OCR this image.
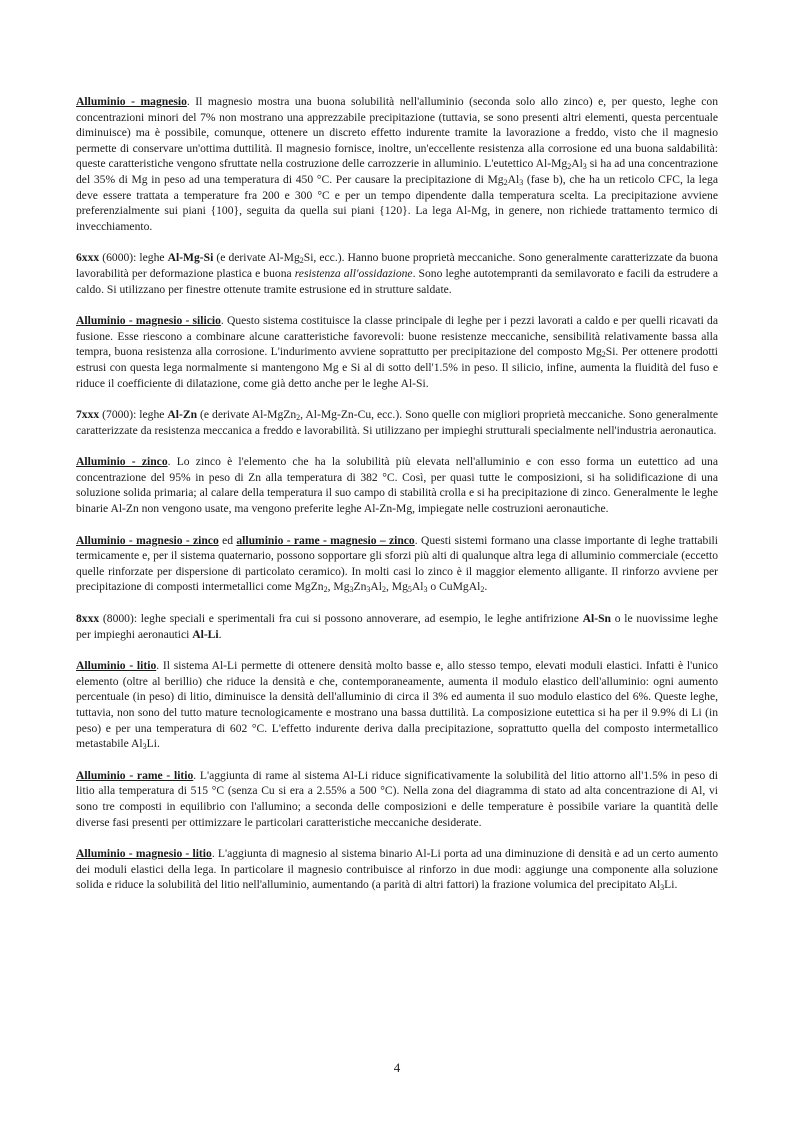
Alluminio - magnesio. Il magnesio mostra una buona solubilità nell'alluminio (seconda solo allo zinco) e, per questo, leghe con concentrazioni minori del 7% non mostrano una apprezzabile precipitazione (tuttavia, se sono presenti altri elementi, questa percentuale diminuisce) ma è possibile, comunque, ottenere un discreto effetto indurente tramite la lavorazione a freddo, visto che il magnesio permette di conservare un'ottima duttilità. Il magnesio fornisce, inoltre, un'eccellente resistenza alla corrosione ed una buona saldabilità: queste caratteristiche vengono sfruttate nella costruzione delle carrozzerie in alluminio. L'eutettico $Al-Mg_2Al_3$ si ha ad una concentrazione del 35% di Mg in peso ad una temperatura di 450 °C. Per causare la precipitazione di $Mg_2Al_3$ (fase b), che ha un reticolo CFC, la lega deve essere trattata a temperature fra 200 e 300 °C e per un tempo dipendente dalla temperatura scelta. La precipitazione avviene preferenzialmente sui piani {100}, seguita da quella sui piani {120}. La lega Al-Mg, in genere, non richiede trattamento termico di invecchiamento.

6xxx (6000): leghe Al-Mg-Si (e derivate $Al-Mg_2Si$, ecc.). Hanno buone proprietà meccaniche. Sono generalmente caratterizzate da buona lavorabilità per deformazione plastica e buona resistenza all'ossidazione. Sono leghe autotempranti da semilavorato e facili da estrudere a caldo. Si utilizzano per finestre ottenute tramite estrusione ed in strutture saldate.

Alluminio - magnesio - silicio. Questo sistema costituisce la classe principale di leghe per i pezzi lavorati a caldo e per quelli ricavati da fusione. Esse riescono a combinare alcune caratteristiche favorevoli: buone resistenze meccaniche, sensibilità relativamente bassa alla tempra, buona resistenza alla corrosione. L'indurimento avviene soprattutto per precipitazione del composto $Mg_2Si$. Per ottenere prodotti estrusi con questa lega normalmente si mantengono Mg e Si al di sotto dell'1.5% in peso. Il silicio, infine, aumenta la fluidità del fuso e riduce il coefficiente di dilatazione, come già detto anche per le leghe Al-Si.

7xxx (7000): leghe Al-Zn (e derivate Al-MgZn$_2$, Al-Mg-Zn-Cu, ecc.). Sono quelle con migliori proprietà meccaniche. Sono generalmente caratterizzate da resistenza meccanica a freddo e lavorabilità. Si utilizzano per impieghi strutturali specialmente nell'industria aeronautica.

Alluminio - zinco. Lo zinco è l'elemento che ha la solubilità più elevata nell'alluminio e con esso forma un eutettico ad una concentrazione del 95% in peso di Zn alla temperatura di 382 °C. Così, per quasi tutte le composizioni, si ha solidificazione di una soluzione solida primaria; al calare della temperatura il suo campo di stabilità crolla e si ha precipitazione di zinco. Generalmente le leghe binarie Al-Zn non vengono usate, ma vengono preferite leghe Al-Zn-Mg, impiegate nelle costruzioni aeronautiche.

Alluminio - magnesio - zinco ed alluminio - rame - magnesio – zinco. Questi sistemi formano una classe importante di leghe trattabili termicamente e, per il sistema quaternario, possono sopportare gli sforzi più alti di qualunque altra lega di alluminio commerciale (eccetto quelle rinforzate per dispersione di particolato ceramico). In molti casi lo zinco è il maggior elemento alligante. Il rinforzo avviene per precipitazione di composti intermetallici come MgZn$_2$, $Mg_3Zn_3Al_2$, $Mg_5Al_3$ o CuMgAl$_2$.

8xxx (8000): leghe speciali e sperimentali fra cui si possono annoverare, ad esempio, le leghe antifrizione Al-Sn o le nuovissime leghe per impieghi aeronautici Al-Li.

Alluminio - litio. Il sistema Al-Li permette di ottenere densità molto basse e, allo stesso tempo, elevati moduli elastici. Infatti è l'unico elemento (oltre al berillio) che riduce la densità e che, contemporaneamente, aumenta il modulo elastico dell'alluminio: ogni aumento percentuale (in peso) di litio, diminuisce la densità dell'alluminio di circa il 3% ed aumenta il suo modulo elastico del 6%. Queste leghe, tuttavia, non sono del tutto mature tecnologicamente e mostrano una bassa duttilità. La composizione eutettica si ha per il 9.9% di Li (in peso) e per una temperatura di 602 °C. L'effetto indurente deriva dalla precipitazione, soprattutto quella del composto intermetallico metastabile $Al_3Li$.

Alluminio - rame - litio. L'aggiunta di rame al sistema Al-Li riduce significativamente la solubilità del litio attorno all'1.5% in peso di litio alla temperatura di 515 °C (senza Cu si era a 2.55% a 500 °C). Nella zona del diagramma di stato ad alta concentrazione di Al, vi sono tre composti in equilibrio con l'allumino; a seconda delle composizioni e delle temperature è possibile variare la quantità delle diverse fasi presenti per ottimizzare le particolari caratteristiche meccaniche desiderate.

Alluminio - magnesio - litio. L'aggiunta di magnesio al sistema binario Al-Li porta ad una diminuzione di densità e ad un certo aumento dei moduli elastici della lega. In particolare il magnesio contribuisce al rinforzo in due modi: aggiunge una componente alla soluzione solida e riduce la solubilità del litio nell'alluminio, aumentando (a parità di altri fattori) la frazione volumica del precipitato $Al_3Li$.

4
